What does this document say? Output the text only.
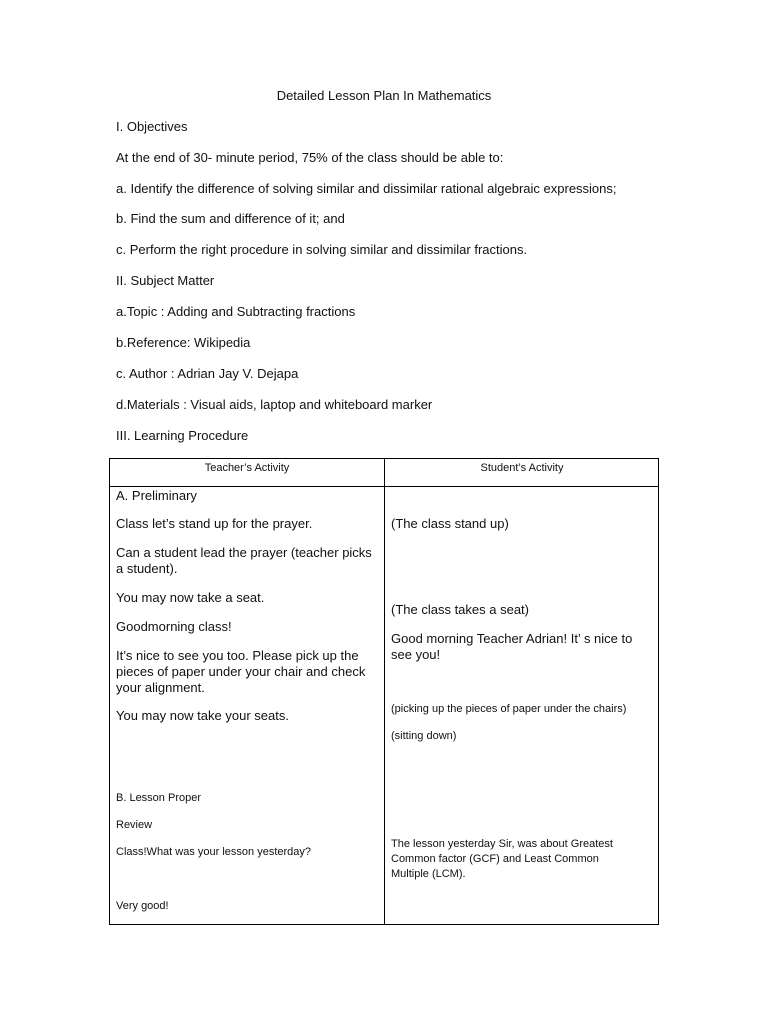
Detailed Lesson Plan In Mathematics
I. Objectives
At the end of 30- minute period, 75% of the class should be able to:
a. Identify the difference of solving similar and dissimilar rational algebraic expressions;
b. Find the sum and difference of it; and
c. Perform the right procedure in solving similar and dissimilar fractions.
II. Subject Matter
a.Topic : Adding and Subtracting fractions
b.Reference: Wikipedia
c. Author : Adrian Jay V. Dejapa
d.Materials : Visual aids, laptop and whiteboard marker
III. Learning Procedure
Teacher’s Activity	Student’s Activity
A. Preliminary
Class let’s stand up for the prayer.
Can a student lead the prayer (teacher picks
a student).
You may now take a seat.
Goodmorning class!
It’s nice to see you too. Please pick up the
pieces of paper under your chair and check
your alignment.
You may now take your seats.
B. Lesson Proper
Review
Class!What was your lesson yesterday?
Very good!
(The class stand up)
(The class takes a seat)
Good morning Teacher Adrian! It’ s nice to
see you!
(picking up the pieces of paper under the chairs)
(sitting down)
The lesson yesterday Sir, was about Greatest
Common factor (GCF) and Least Common
Multiple (LCM).
